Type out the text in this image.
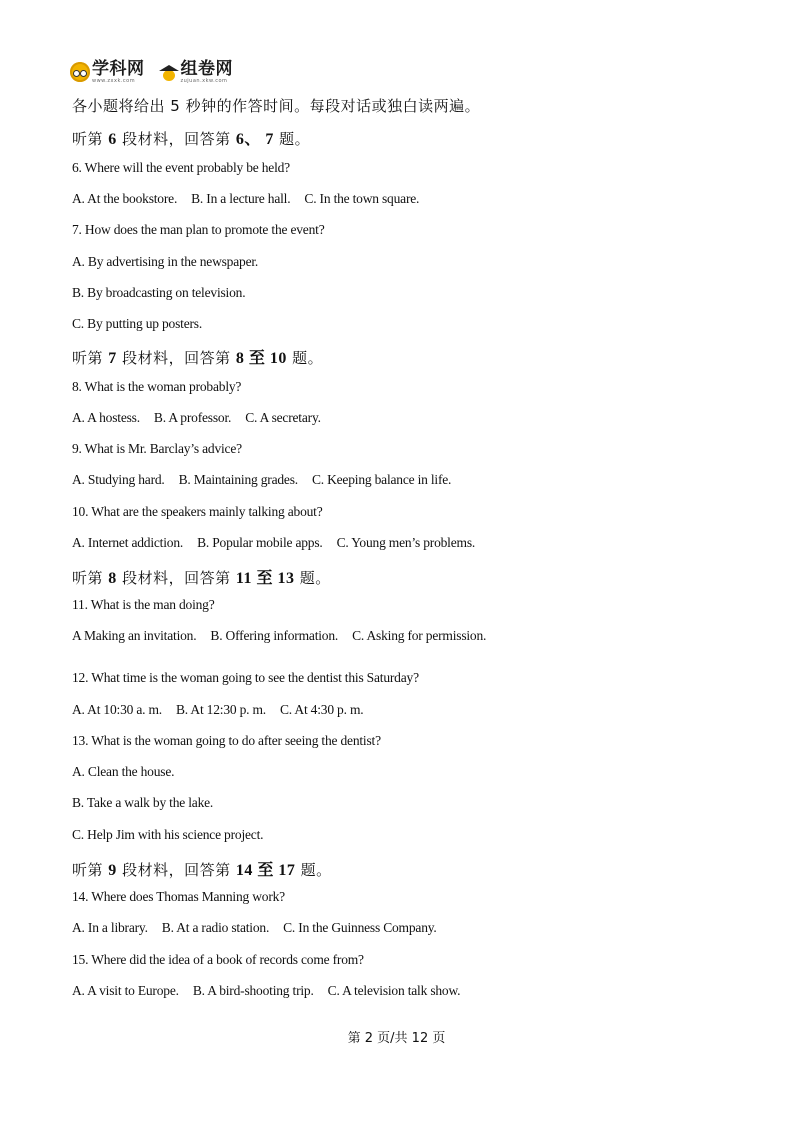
学科网
www.zxxk.com
组卷网
zujuan.xkw.com
各小题将给出 5 秒钟的作答时间。每段对话或独白读两遍。
听第 6 段材料，回答第 6、 7 题。
6. Where will the event probably be held?
A. At the bookstore. B. In a lecture hall. C. In the town square.
7. How does the man plan to promote the event?
A. By advertising in the newspaper.
B. By broadcasting on television.
C. By putting up posters.
听第 7 段材料，回答第 8 至 10 题。
8. What is the woman probably?
A. A hostess. B. A professor. C. A secretary.
9. What is Mr. Barclay’s advice?
A. Studying hard. B. Maintaining grades. C. Keeping balance in life.
10. What are the speakers mainly talking about?
A. Internet addiction. B. Popular mobile apps. C. Young men’s problems.
听第 8 段材料，回答第 11 至 13 题。
11. What is the man doing?
A Making an invitation. B. Offering information. C. Asking for permission.
12. What time is the woman going to see the dentist this Saturday?
A. At 10:30 a. m. B. At 12:30 p. m. C. At 4:30 p. m.
13. What is the woman going to do after seeing the dentist?
A. Clean the house.
B. Take a walk by the lake.
C. Help Jim with his science project.
听第 9 段材料，回答第 14 至 17 题。
14. Where does Thomas Manning work?
A. In a library. B. At a radio station. C. In the Guinness Company.
15. Where did the idea of a book of records come from?
A. A visit to Europe. B. A bird-shooting trip. C. A television talk show.
第 2 页/共 12 页
